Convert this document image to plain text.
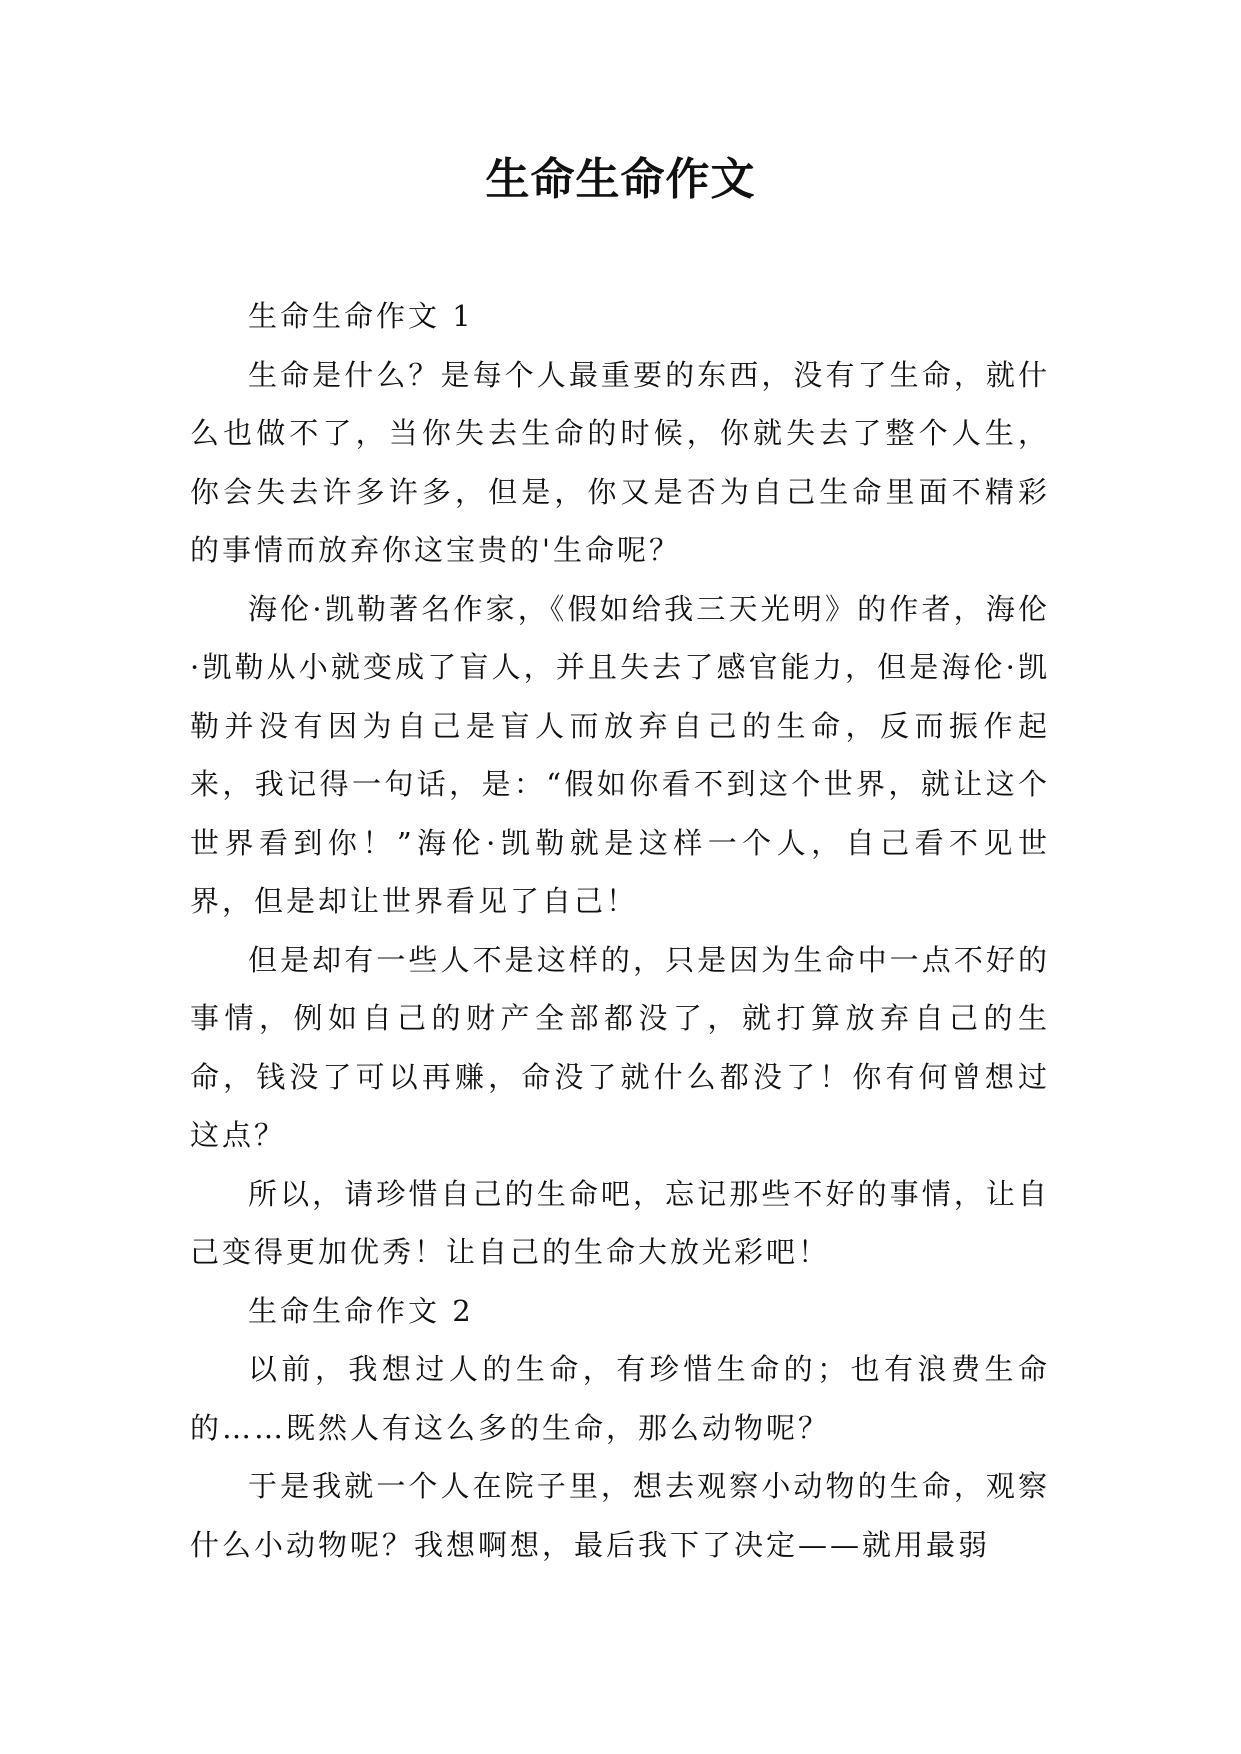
生命生命作文

生命生命作文 1

生命是什么？是每个人最重要的东西，没有了生命，就什么也做不了，当你失去生命的时候，你就失去了整个人生，你会失去许多许多，但是，你又是否为自己生命里面不精彩的事情而放弃你这宝贵的'生命呢？

海伦·凯勒著名作家，《假如给我三天光明》的作者，海伦·凯勒从小就变成了盲人，并且失去了感官能力，但是海伦·凯勒并没有因为自己是盲人而放弃自己的生命，反而振作起来，我记得一句话，是：“假如你看不到这个世界，就让这个世界看到你！”海伦·凯勒就是这样一个人，自己看不见世界，但是却让世界看见了自己！

但是却有一些人不是这样的，只是因为生命中一点不好的事情，例如自己的财产全部都没了，就打算放弃自己的生命，钱没了可以再赚，命没了就什么都没了！你有何曾想过这点？

所以，请珍惜自己的生命吧，忘记那些不好的事情，让自己变得更加优秀！让自己的生命大放光彩吧！

生命生命作文 2

以前，我想过人的生命，有珍惜生命的；也有浪费生命的……既然人有这么多的生命，那么动物呢？

于是我就一个人在院子里，想去观察小动物的生命，观察什么小动物呢？我想啊想，最后我下了决定——就用最弱
